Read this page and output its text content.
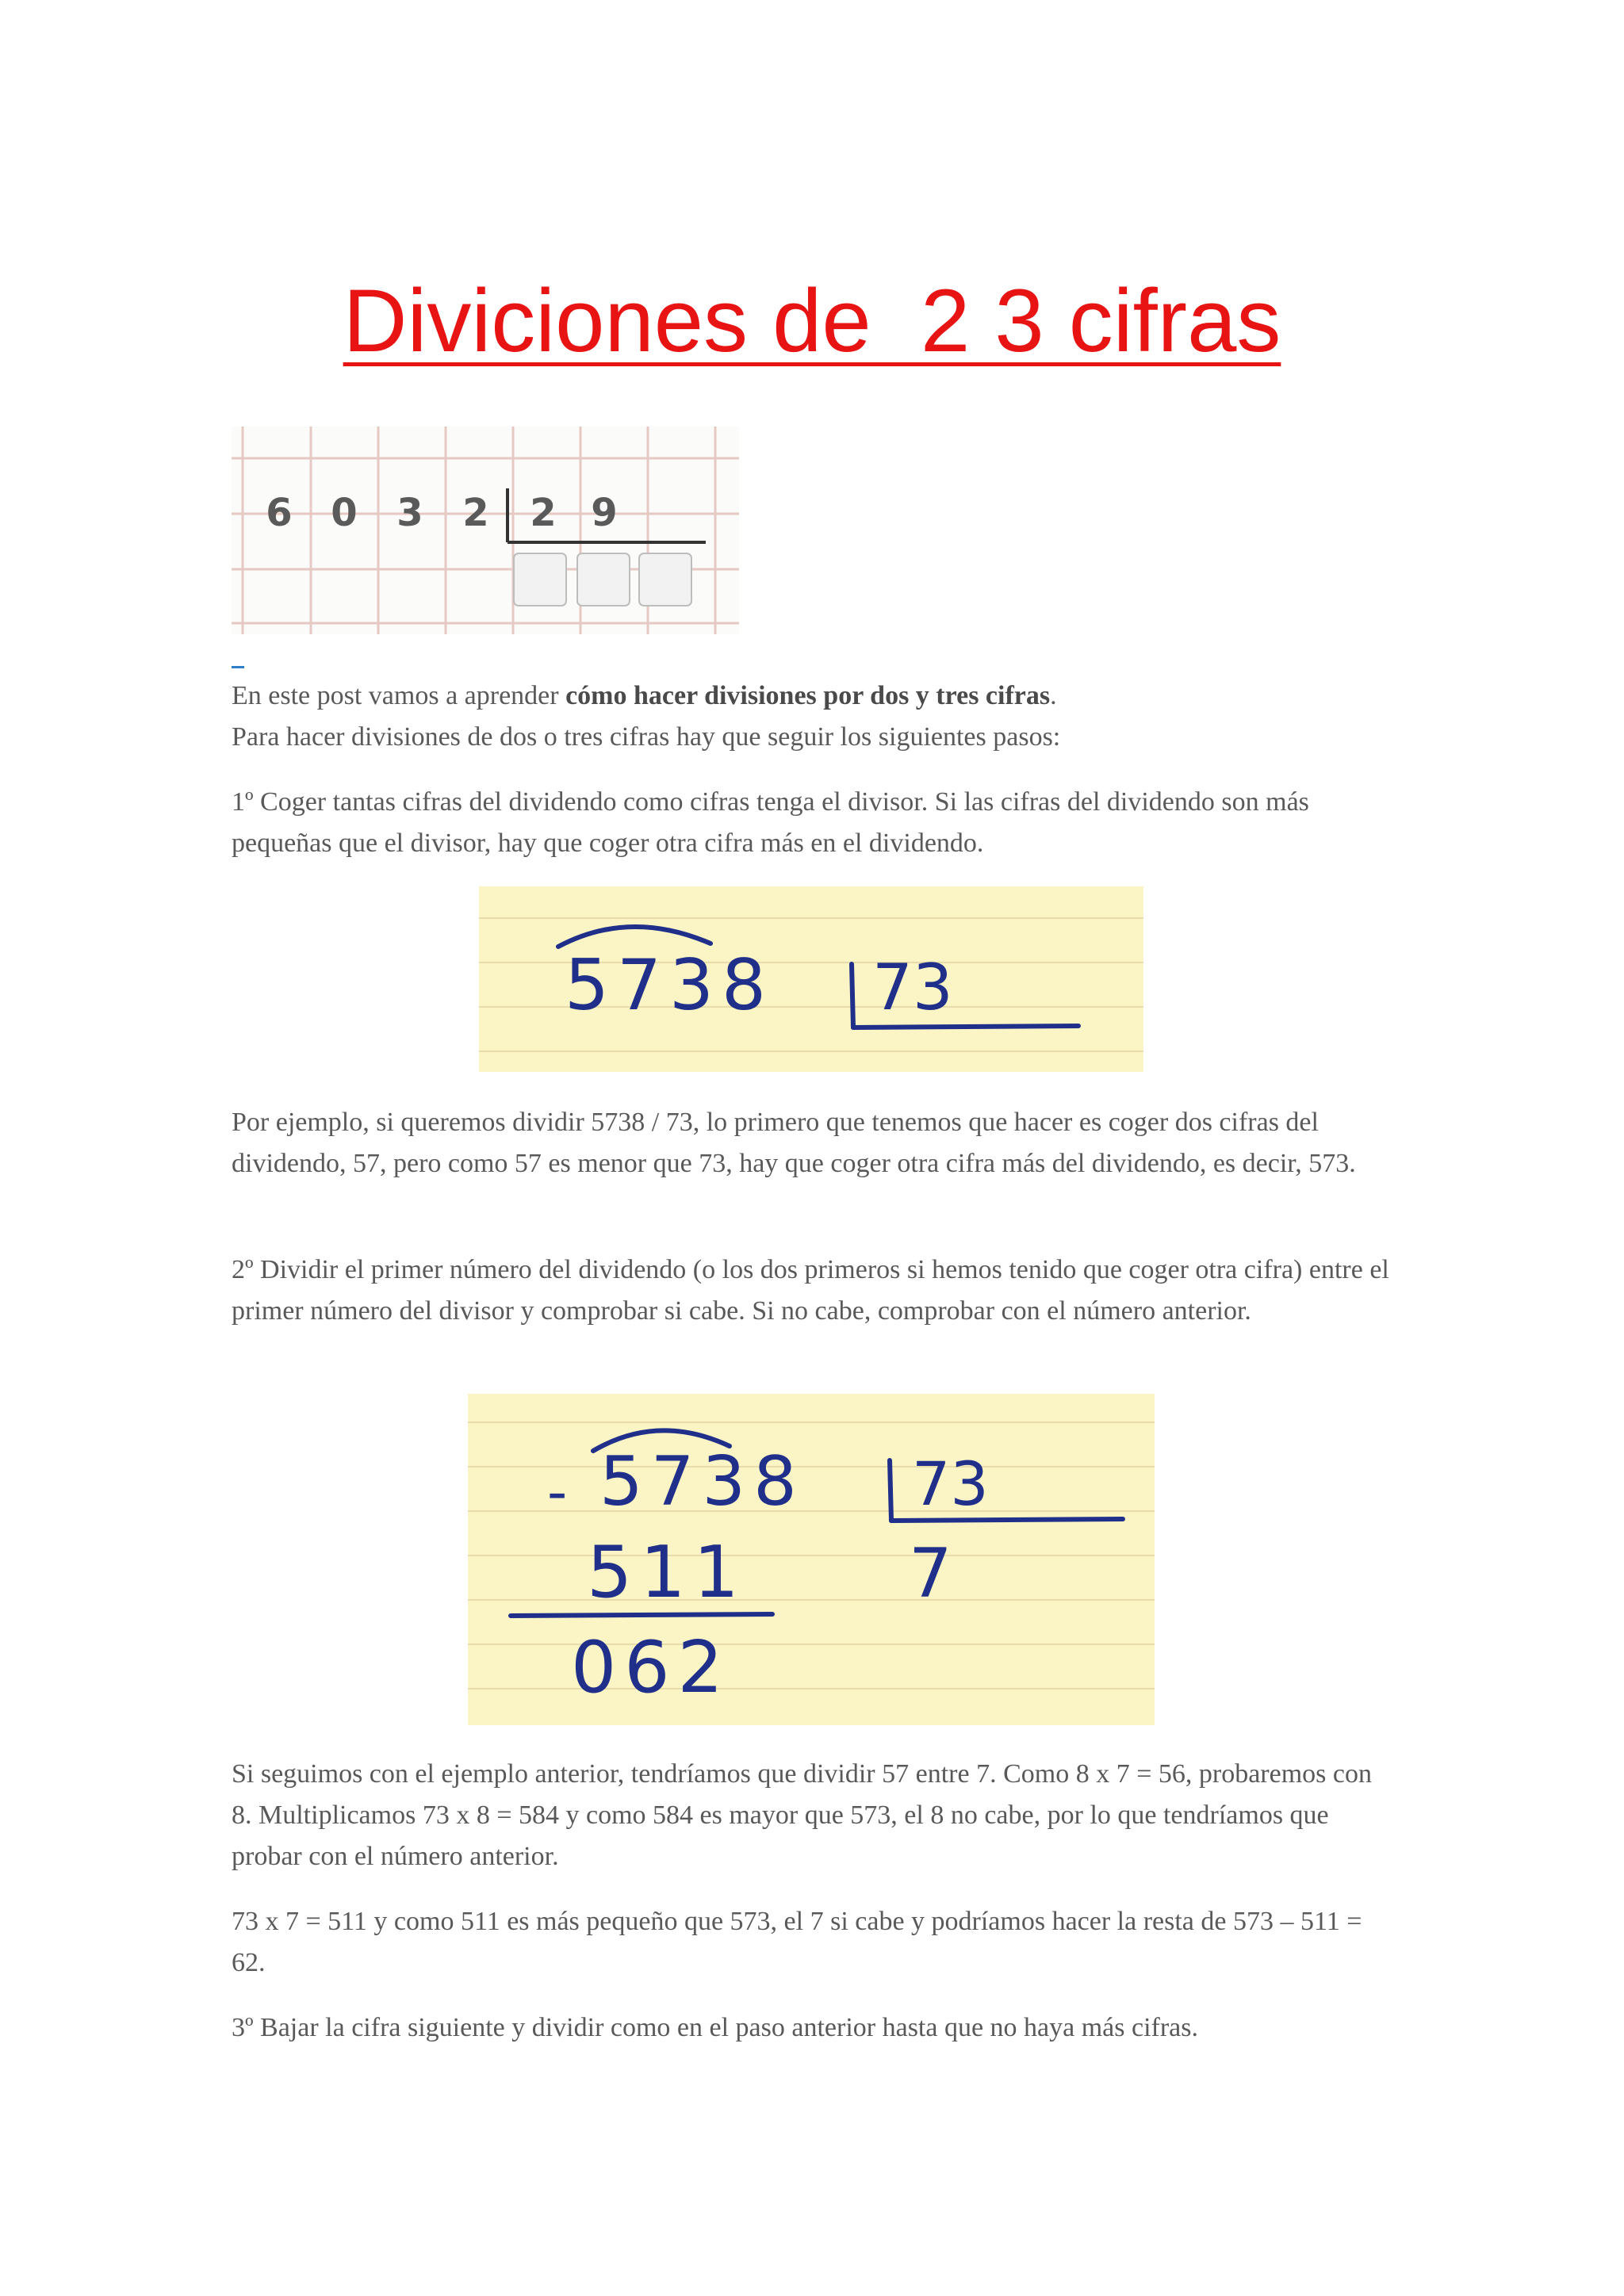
Diviciones de  2 3 cifras
6 0 3 2 2 9

En este post vamos a aprender cómo hacer divisiones por dos y tres cifras.
Para hacer divisiones de dos o tres cifras hay que seguir los siguientes pasos:

1º Coger tantas cifras del dividendo como cifras tenga el divisor. Si las cifras del dividendo son más pequeñas que el divisor, hay que coger otra cifra más en el dividendo.

5738 73

Por ejemplo, si queremos dividir 5738 / 73, lo primero que tenemos que hacer es coger dos cifras del dividendo, 57, pero como 57 es menor que 73, hay que coger otra cifra más del dividendo, es decir, 573.

2º Dividir el primer número del dividendo (o los dos primeros si hemos tenido que coger otra cifra) entre el primer número del divisor y comprobar si cabe. Si no cabe, comprobar con el número anterior.

- 5738 73
511 7
062

Si seguimos con el ejemplo anterior, tendríamos que dividir 57 entre 7. Como 8 x 7 = 56, probaremos con 8. Multiplicamos 73 x 8 = 584 y como 584 es mayor que 573, el 8 no cabe, por lo que tendríamos que probar con el número anterior.

73 x 7 = 511 y como 511 es más pequeño que 573, el 7 si cabe y podríamos hacer la resta de 573 – 511 = 62.

3º Bajar la cifra siguiente y dividir como en el paso anterior hasta que no haya más cifras.
